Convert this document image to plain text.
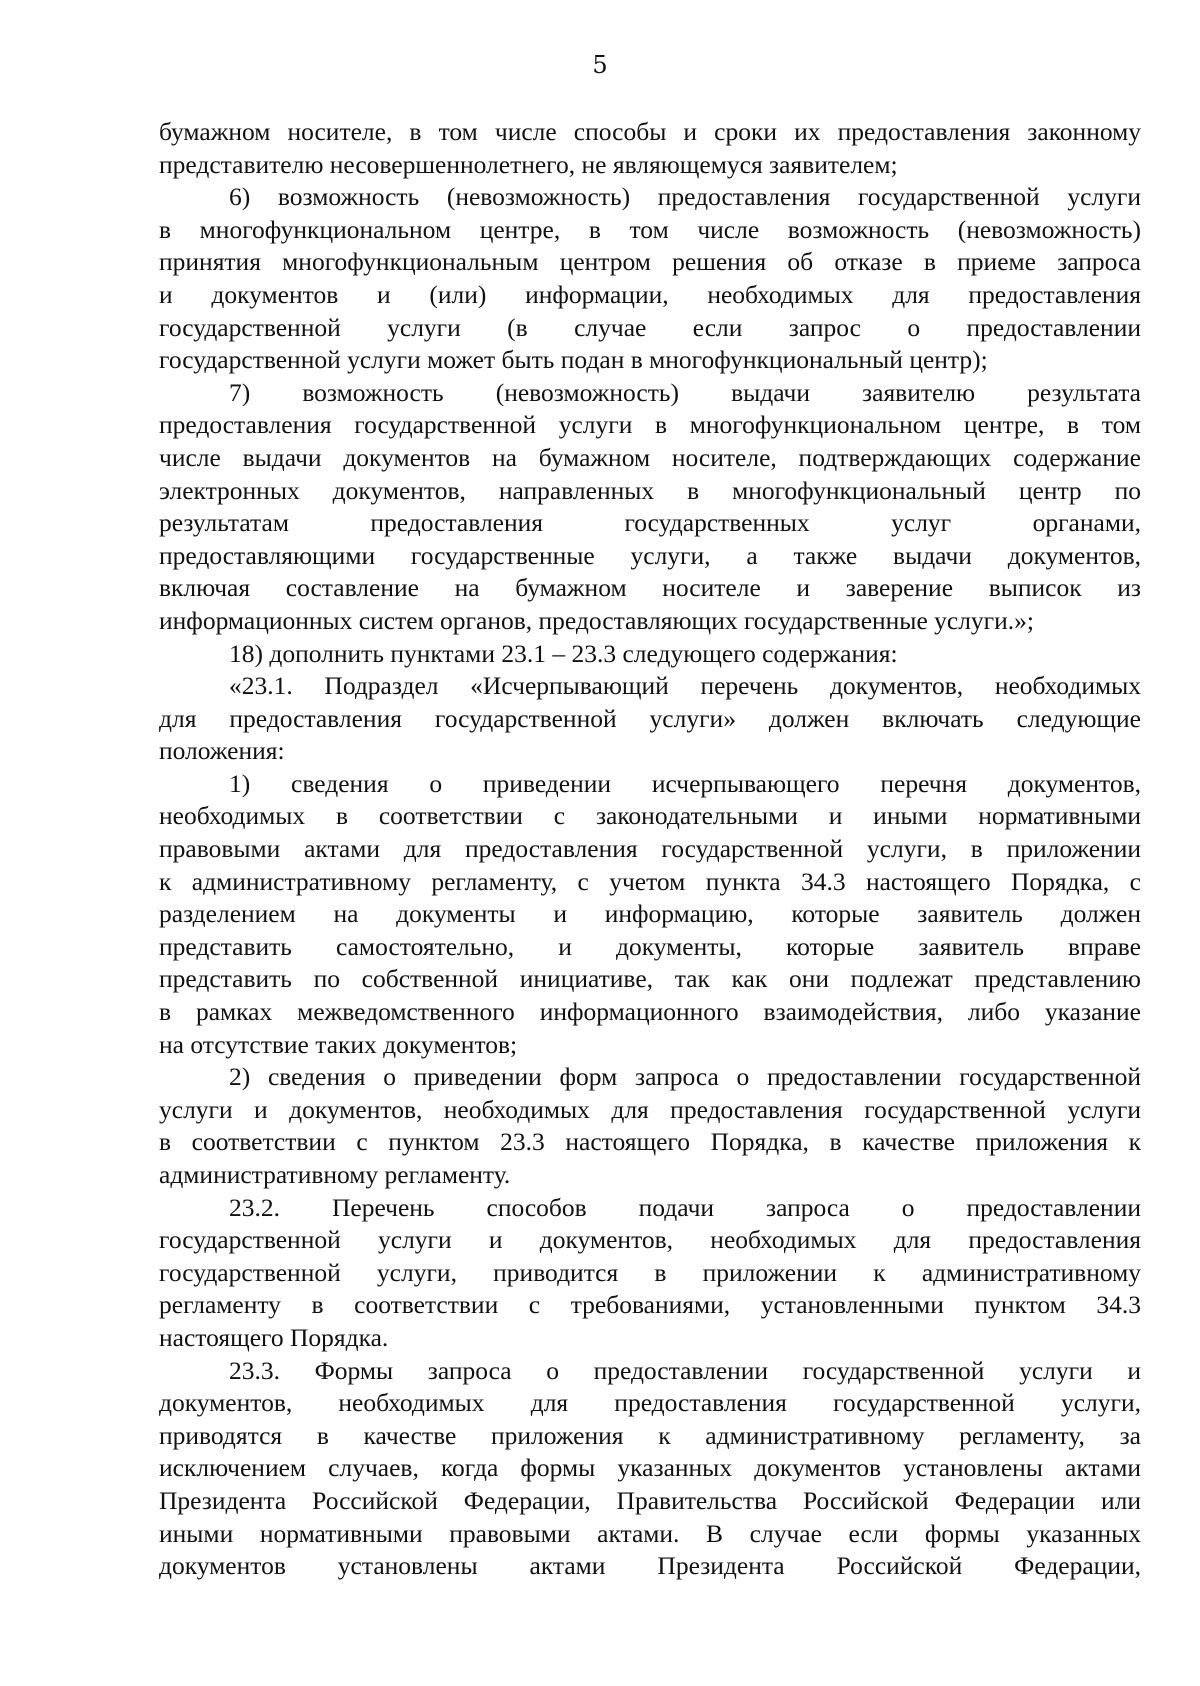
5
бумажном носителе, в том числе способы и сроки их предоставления законному
представителю несовершеннолетнего, не являющемуся заявителем;
6) возможность (невозможность) предоставления государственной услуги
в многофункциональном центре, в том числе возможность (невозможность)
принятия многофункциональным центром решения об отказе в приеме запроса
и документов и (или) информации, необходимых для предоставления
государственной услуги (в случае если запрос о предоставлении
государственной услуги может быть подан в многофункциональный центр);
7) возможность (невозможность) выдачи заявителю результата
предоставления государственной услуги в многофункциональном центре, в том
числе выдачи документов на бумажном носителе, подтверждающих содержание
электронных документов, направленных в многофункциональный центр по
результатам предоставления государственных услуг органами,
предоставляющими государственные услуги, а также выдачи документов,
включая составление на бумажном носителе и заверение выписок из
информационных систем органов, предоставляющих государственные услуги.»;
18) дополнить пунктами 23.1 – 23.3 следующего содержания:
«23.1. Подраздел «Исчерпывающий перечень документов, необходимых
для предоставления государственной услуги» должен включать следующие
положения:
1) сведения о приведении исчерпывающего перечня документов,
необходимых в соответствии с законодательными и иными нормативными
правовыми актами для предоставления государственной услуги, в приложении
к административному регламенту, с учетом пункта 34.3 настоящего Порядка, с
разделением на документы и информацию, которые заявитель должен
представить самостоятельно, и документы, которые заявитель вправе
представить по собственной инициативе, так как они подлежат представлению
в рамках межведомственного информационного взаимодействия, либо указание
на отсутствие таких документов;
2) сведения о приведении форм запроса о предоставлении государственной
услуги и документов, необходимых для предоставления государственной услуги
в соответствии с пунктом 23.3 настоящего Порядка, в качестве приложения к
административному регламенту.
23.2. Перечень способов подачи запроса о предоставлении
государственной услуги и документов, необходимых для предоставления
государственной услуги, приводится в приложении к административному
регламенту в соответствии с требованиями, установленными пунктом 34.3
настоящего Порядка.
23.3. Формы запроса о предоставлении государственной услуги и
документов, необходимых для предоставления государственной услуги,
приводятся в качестве приложения к административному регламенту, за
исключением случаев, когда формы указанных документов установлены актами
Президента Российской Федерации, Правительства Российской Федерации или
иными нормативными правовыми актами. В случае если формы указанных
документов установлены актами Президента Российской Федерации,
